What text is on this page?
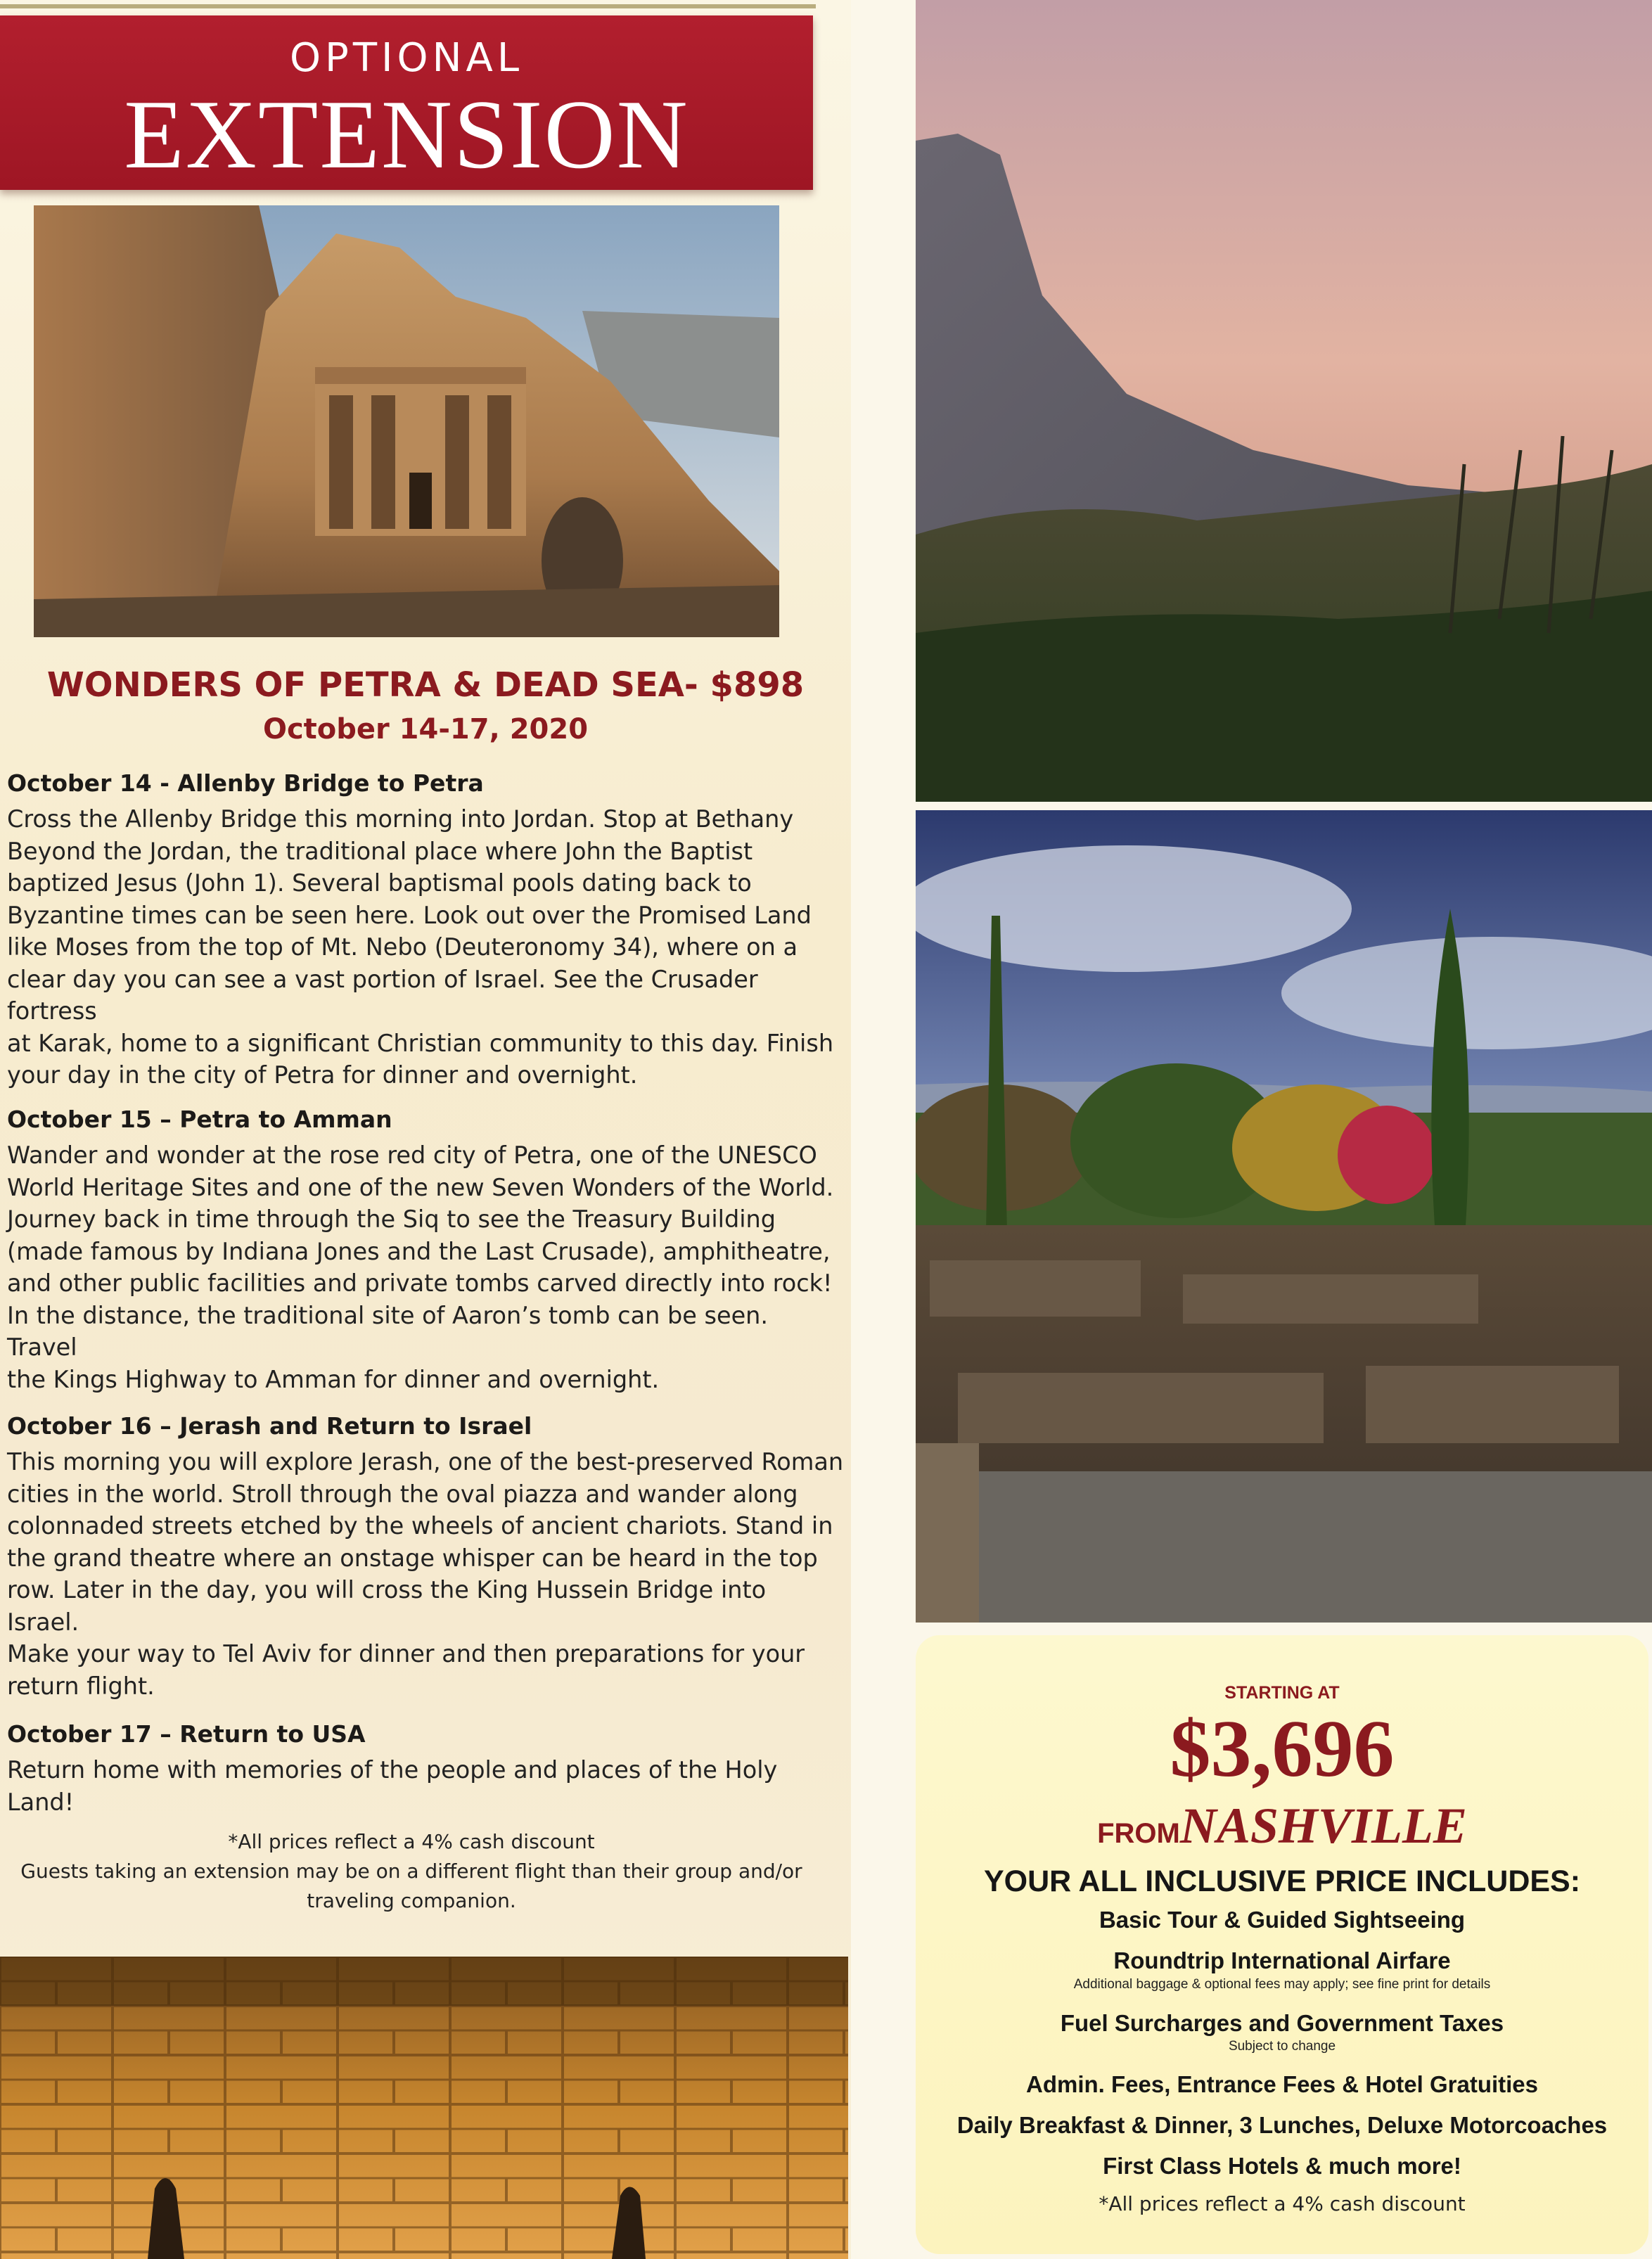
OPTIONAL
EXTENSION
WONDERS OF PETRA & DEAD SEA- $898
October 14-17, 2020
October 14 - Allenby Bridge to Petra
Cross the Allenby Bridge this morning into Jordan. Stop at Bethany
Beyond the Jordan, the traditional place where John the Baptist
baptized Jesus (John 1). Several baptismal pools dating back to
Byzantine times can be seen here. Look out over the Promised Land
like Moses from the top of Mt. Nebo (Deuteronomy 34), where on a
clear day you can see a vast portion of Israel. See the Crusader fortress
at Karak, home to a significant Christian community to this day. Finish
your day in the city of Petra for dinner and overnight.
October 15 – Petra to Amman
Wander and wonder at the rose red city of Petra, one of the UNESCO
World Heritage Sites and one of the new Seven Wonders of the World.
Journey back in time through the Siq to see the Treasury Building
(made famous by Indiana Jones and the Last Crusade), amphitheatre,
and other public facilities and private tombs carved directly into rock!
In the distance, the traditional site of Aaron’s tomb can be seen. Travel
the Kings Highway to Amman for dinner and overnight.
October 16 – Jerash and Return to Israel
This morning you will explore Jerash, one of the best-preserved Roman
cities in the world. Stroll through the oval piazza and wander along
colonnaded streets etched by the wheels of ancient chariots. Stand in
the grand theatre where an onstage whisper can be heard in the top
row. Later in the day, you will cross the King Hussein Bridge into Israel.
Make your way to Tel Aviv for dinner and then preparations for your
return flight.
October 17 – Return to USA
Return home with memories of the people and places of the Holy
Land!
*All prices reflect a 4% cash discount
Guests taking an extension may be on a different flight than their group and/or
traveling companion.
STARTING AT
$3,696
FROMNASHVILLE
YOUR ALL INCLUSIVE PRICE INCLUDES:
Basic Tour & Guided Sightseeing
Roundtrip International Airfare
Additional baggage & optional fees may apply; see fine print for details
Fuel Surcharges and Government Taxes
Subject to change
Admin. Fees, Entrance Fees & Hotel Gratuities
Daily Breakfast & Dinner, 3 Lunches, Deluxe Motorcoaches
First Class Hotels & much more!
*All prices reflect a 4% cash discount
